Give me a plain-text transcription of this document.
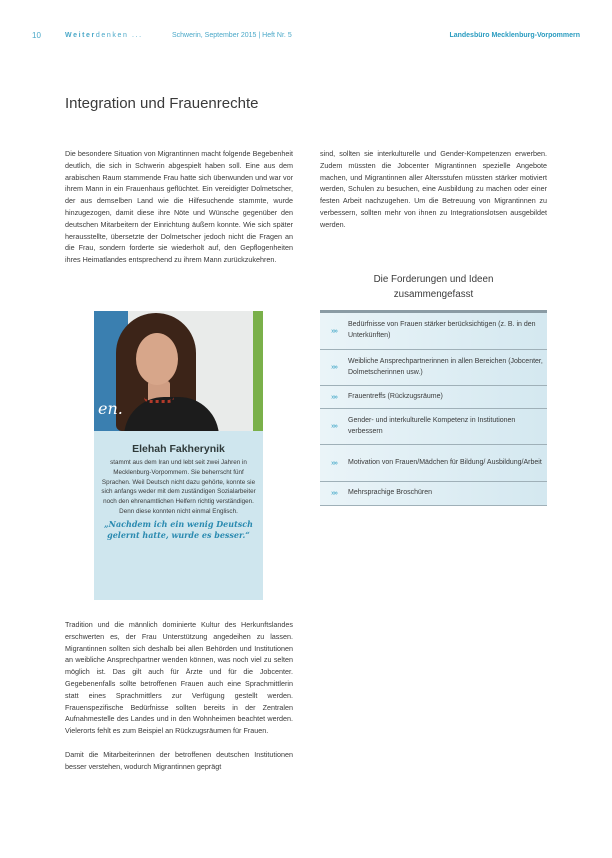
10	Weiterdenken ...	Schwerin, September 2015 | Heft Nr. 5	Landesbüro Mecklenburg-Vorpommern
Integration und Frauenrechte

Die besondere Situation von Migrantinnen macht folgende Begebenheit deutlich, die sich in Schwerin abgespielt haben soll. Eine aus dem arabischen Raum stammende Frau hatte sich überwunden und war vor ihrem Mann in ein Frauenhaus geflüchtet. Ein vereidigter Dolmetscher, der aus demselben Land wie die Hilfesuchende stammte, wurde hinzugezogen, damit diese ihre Nöte und Wünsche gegenüber den deutschen Mitarbeitern der Einrichtung äußern konnte. Wie sich später herausstellte, übersetzte der Dolmetscher jedoch nicht die Fragen an die Frau, sondern forderte sie wiederholt auf, den Gepflogenheiten ihres Heimatlandes entsprechend zu ihrem Mann zurückzukehren.

sind, sollten sie interkulturelle und Gender-Kompetenzen erwerben. Zudem müssten die Jobcenter Migrantinnen spezielle Angebote machen, und Migrantinnen aller Altersstufen müssten stärker motiviert werden, Schulen zu besuchen, eine Ausbildung zu machen oder einer festen Arbeit nachzugehen. Um die Betreuung von Migrantinnen zu verbessern, sollten mehr von ihnen zu Integrationslotsen ausgebildet werden.

en.
Elehah Fakherynik
stammt aus dem Iran und lebt seit zwei Jahren in Mecklenburg-Vorpommern. Sie beherrscht fünf Sprachen. Weil Deutsch nicht dazu gehörte, konnte sie sich anfangs weder mit dem zuständigen Sozialarbeiter noch den ehrenamtlichen Helfern richtig verständigen. Denn diese konnten nicht einmal Englisch.
„Nachdem ich ein wenig Deutsch gelernt hatte, wurde es besser.“
Die Forderungen und Ideen
zusammengefasst
»»
Bedürfnisse von Frauen stärker berücksichtigen (z. B. in den Unterkünften)
»»
Weibliche Ansprechpartnerinnen in allen Bereichen (Jobcenter, Dolmetscherinnen usw.)
»»	Frauentreffs (Rückzugsräume)
»»
Gender- und interkulturelle Kompetenz in Institutionen verbessern
»»	Motivation von Frauen/Mädchen für Bildung/ Ausbildung/Arbeit
»»	Mehrsprachige Broschüren

Tradition und die männlich dominierte Kultur des Herkunftslandes erschwerten es, der Frau Unterstützung angedeihen zu lassen. Migrantinnen sollten sich deshalb bei allen Behörden und Institutionen an weibliche Ansprechpartner wenden können, was noch viel zu selten möglich ist. Das gilt auch für Ärzte und für die Jobcenter. Gegebenenfalls sollte betroffenen Frauen auch eine Sprachmittlerin statt eines Sprachmittlers zur Verfügung gestellt werden. Frauenspezifische Bedürfnisse sollten bereits in der Zentralen Aufnahmestelle des Landes und in den Wohnheimen beachtet werden. Vielerorts fehlt es zum Beispiel an Rückzugsräumen für Frauen.

Damit die Mitarbeiterinnen der betroffenen deutschen Institutionen besser verstehen, wodurch Migrantinnen geprägt
